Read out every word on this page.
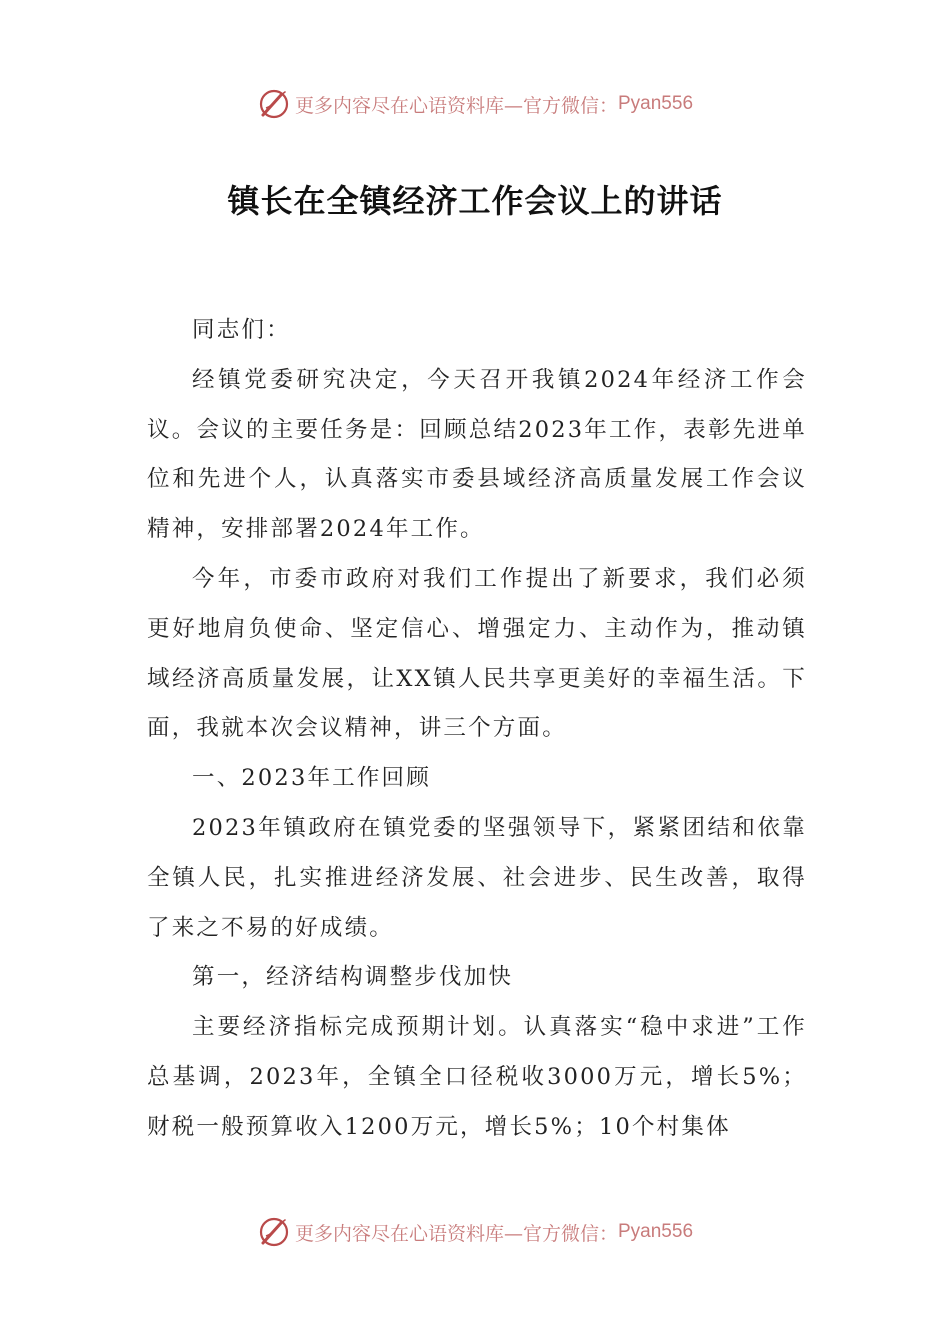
更多内容尽在心语资料库—官方微信： Pyan556
镇长在全镇经济工作会议上的讲话

同志们：

经镇党委研究决定，今天召开我镇2024年经济工作会议。会议的主要任务是：回顾总结2023年工作，表彰先进单位和先进个人，认真落实市委县域经济高质量发展工作会议精神，安排部署2024年工作。

今年，市委市政府对我们工作提出了新要求，我们必须更好地肩负使命、坚定信心、增强定力、主动作为，推动镇域经济高质量发展，让XX镇人民共享更美好的幸福生活。下面，我就本次会议精神，讲三个方面。

一、2023年工作回顾

2023年镇政府在镇党委的坚强领导下，紧紧团结和依靠全镇人民，扎实推进经济发展、社会进步、民生改善，取得了来之不易的好成绩。

第一，经济结构调整步伐加快

主要经济指标完成预期计划。认真落实“稳中求进”工作总基调，2023年，全镇全口径税收3000万元，增长5%；财税一般预算收入1200万元，增长5%；10个村集体

更多内容尽在心语资料库—官方微信： Pyan556
